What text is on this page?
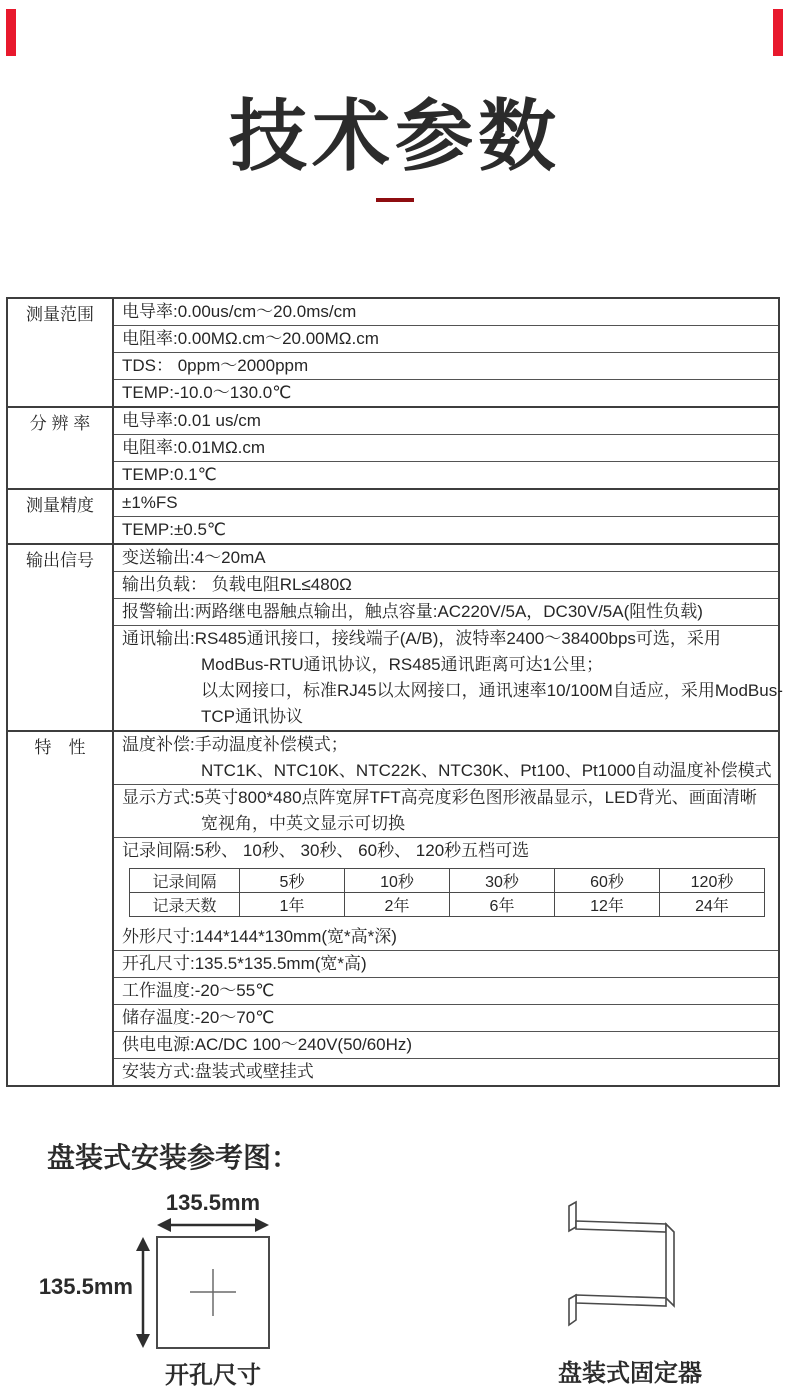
技术参数
测量范围	电导率:0.00us/cm～20.0ms/cm
电阻率:0.00MΩ.cm～20.00MΩ.cm
TDS： 0ppm～2000ppm
TEMP:-10.0～130.0℃
分 辨 率	电导率:0.01 us/cm
电阻率:0.01MΩ.cm
TEMP:0.1℃
测量精度	±1%FS
TEMP:±0.5℃
输出信号	变送输出:4～20mA
输出负载： 负载电阻RL≤480Ω
报警输出:两路继电器触点输出，触点容量:AC220V/5A，DC30V/5A(阻性负载)
通讯输出:RS485通讯接口，接线端子(A/B)，波特率2400～38400bps可选，采用
ModBus-RTU通讯协议，RS485通讯距离可达1公里；
以太网接口，标准RJ45以太网接口，通讯速率10/100M自适应，采用ModBus-
TCP通讯协议
特　性	温度补偿:手动温度补偿模式；
NTC1K、NTC10K、NTC22K、NTC30K、Pt100、Pt1000自动温度补偿模式
显示方式:5英寸800*480点阵宽屏TFT高亮度彩色图形液晶显示，LED背光、画面清晰
宽视角，中英文显示可切换
记录间隔:5秒、 10秒、 30秒、 60秒、 120秒五档可选
记录间隔	5秒	10秒	30秒	60秒	120秒
记录天数	1年	2年	6年	12年	24年
外形尺寸:144*144*130mm(宽*高*深)
开孔尺寸:135.5*135.5mm(宽*高)
工作温度:-20～55℃
储存温度:-20～70℃
供电电源:AC/DC 100～240V(50/60Hz)
安装方式:盘装式或壁挂式
盘装式安装参考图：
135.5mm
135.5mm
开孔尺寸	盘装式固定器
